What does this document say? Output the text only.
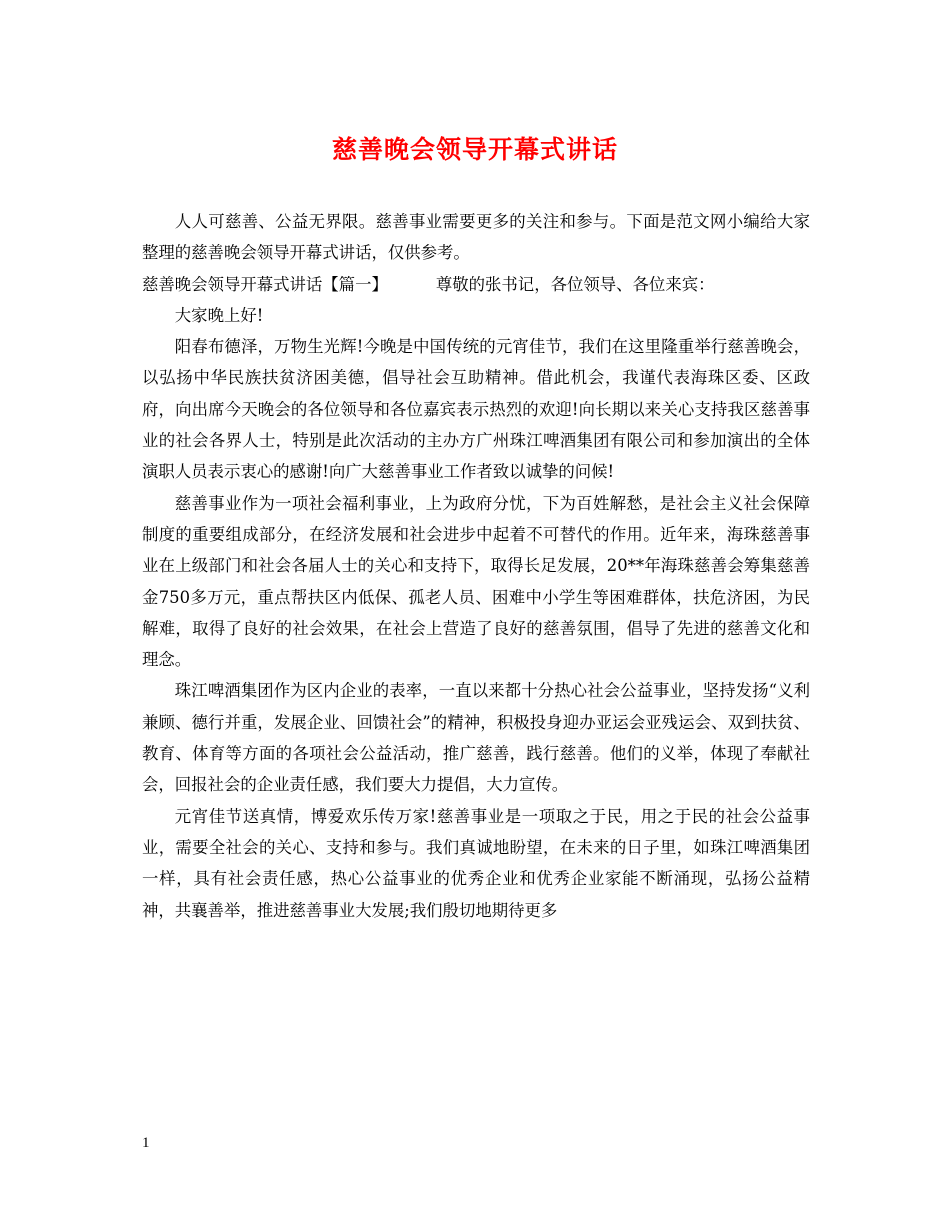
慈善晚会领导开幕式讲话

人人可慈善、公益无界限。慈善事业需要更多的关注和参与。下面是范文网小编给大家整理的慈善晚会领导开幕式讲话，仅供参考。

慈善晚会领导开幕式讲话【篇一】	尊敬的张书记，各位领导、各位来宾：

大家晚上好!

阳春布德泽，万物生光辉!今晚是中国传统的元宵佳节，我们在这里隆重举行慈善晚会，以弘扬中华民族扶贫济困美德，倡导社会互助精神。借此机会，我谨代表海珠区委、区政府，向出席今天晚会的各位领导和各位嘉宾表示热烈的欢迎!向长期以来关心支持我区慈善事业的社会各界人士，特别是此次活动的主办方广州珠江啤酒集团有限公司和参加演出的全体演职人员表示衷心的感谢!向广大慈善事业工作者致以诚挚的问候!

慈善事业作为一项社会福利事业，上为政府分忧，下为百姓解愁，是社会主义社会保障制度的重要组成部分，在经济发展和社会进步中起着不可替代的作用。近年来，海珠慈善事业在上级部门和社会各届人士的关心和支持下，取得长足发展，20**年海珠慈善会筹集慈善金750多万元，重点帮扶区内低保、孤老人员、困难中小学生等困难群体，扶危济困，为民解难，取得了良好的社会效果，在社会上营造了良好的慈善氛围，倡导了先进的慈善文化和理念。

珠江啤酒集团作为区内企业的表率，一直以来都十分热心社会公益事业，坚持发扬“义利兼顾、德行并重，发展企业、回馈社会”的精神，积极投身迎办亚运会亚残运会、双到扶贫、教育、体育等方面的各项社会公益活动，推广慈善，践行慈善。他们的义举，体现了奉献社会，回报社会的企业责任感，我们要大力提倡，大力宣传。

元宵佳节送真情，博爱欢乐传万家!慈善事业是一项取之于民，用之于民的社会公益事业，需要全社会的关心、支持和参与。我们真诚地盼望，在未来的日子里，如珠江啤酒集团一样，具有社会责任感，热心公益事业的优秀企业和优秀企业家能不断涌现，弘扬公益精神，共襄善举，推进慈善事业大发展;我们殷切地期待更多

1
